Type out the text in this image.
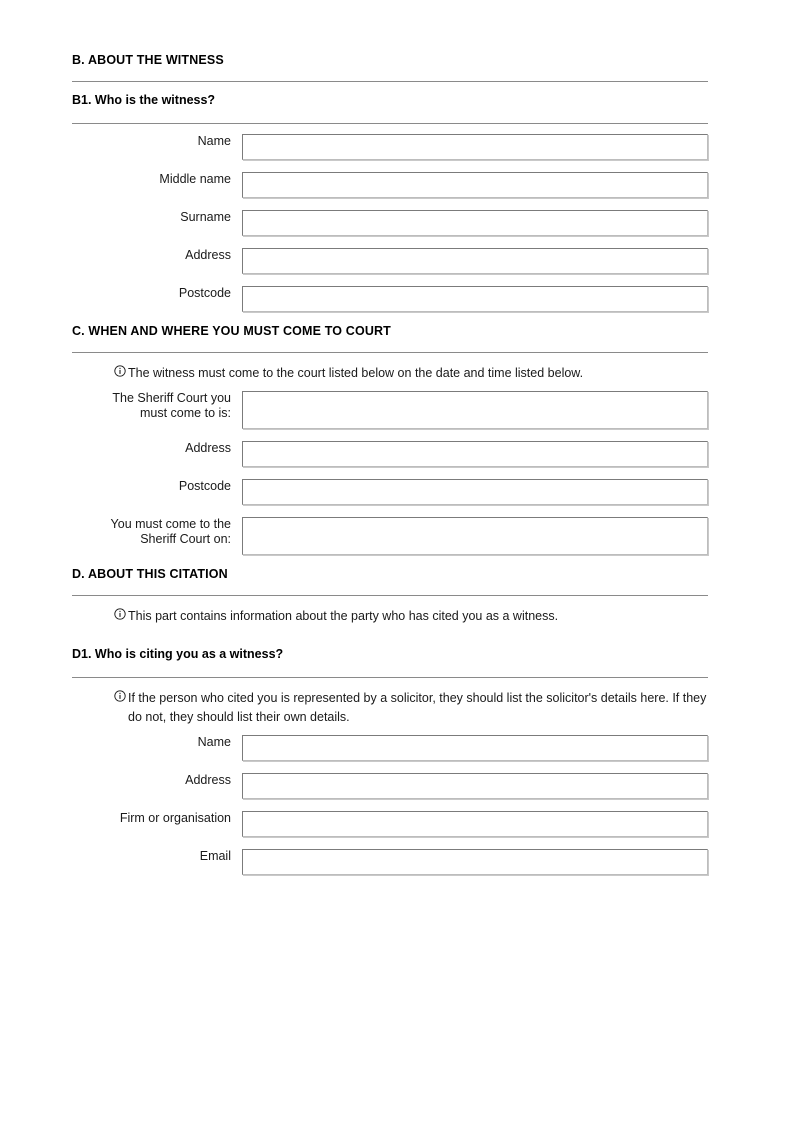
B. ABOUT THE WITNESS
B1. Who is the witness?
Name
Middle name
Surname
Address
Postcode
C. WHEN AND WHERE YOU MUST COME TO COURT
The witness must come to the court listed below on the date and time listed below.
The Sheriff Court you
must come to is:
Address
Postcode
You must come to the
Sheriff Court on:
D. ABOUT THIS CITATION
This part contains information about the party who has cited you as a witness.
D1. Who is citing you as a witness?
If the person who cited you is represented by a solicitor, they should list the solicitor's details here. If they do not, they should list their own details.
Name
Address
Firm or organisation
Email
